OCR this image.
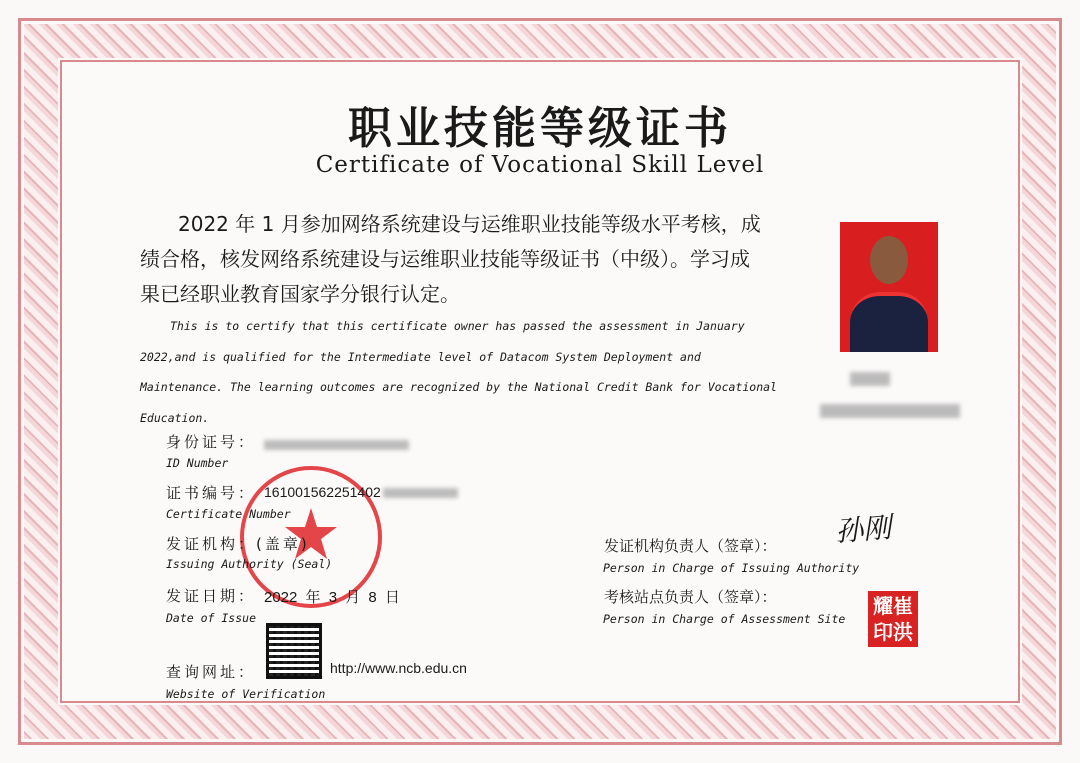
职业技能等级证书
Certificate of Vocational Skill Level
2022 年 1 月参加网络系统建设与运维职业技能等级水平考核，成
绩合格，核发网络系统建设与运维职业技能等级证书（中级）。学习成
果已经职业教育国家学分银行认定。
This is to certify that this certificate owner has passed the assessment in January
2022,and is qualified for the Intermediate level of Datacom System Deployment and
Maintenance. The learning outcomes are recognized by the National Credit Bank for Vocational
Education.
身份证号：
ID Number
证书编号： 161001562251402
Certificate Number
发证机构：(盖章)
Issuing Authority (Seal)
发证日期： 2022 年 3 月 8 日
Date of Issue
查询网址：	http://www.ncb.edu.cn
Website of Verification
发证机构负责人（签章）：
Person in Charge of Issuing Authority
孙刚
考核站点负责人（签章）：
Person in Charge of Assessment Site
耀崔
印洪
